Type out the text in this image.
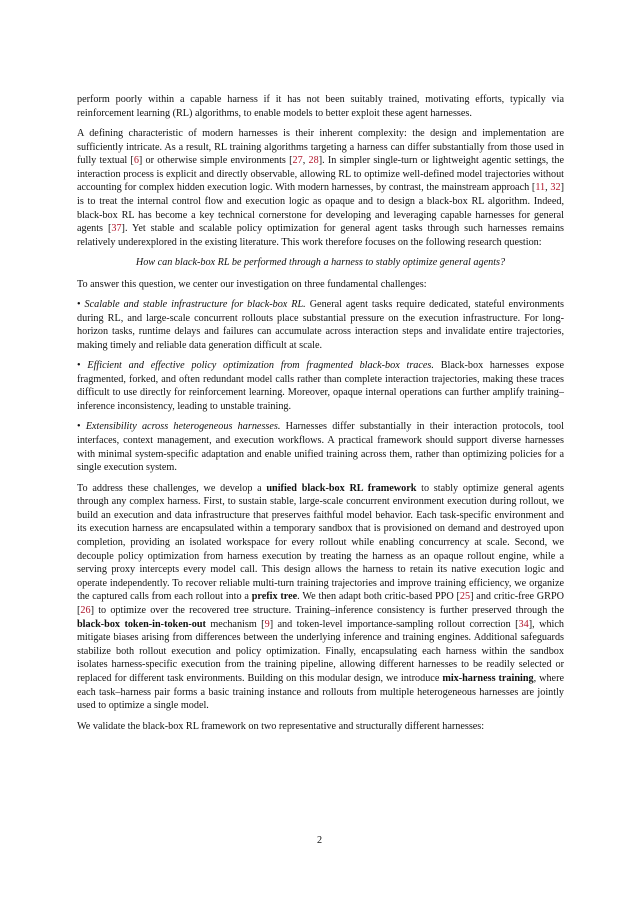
perform poorly within a capable harness if it has not been suitably trained, motivating efforts, typically via reinforcement learning (RL) algorithms, to enable models to better exploit these agent harnesses.

A defining characteristic of modern harnesses is their inherent complexity: the design and implementation are sufficiently intricate. As a result, RL training algorithms targeting a harness can differ substantially from those used in fully textual [6] or otherwise simple environments [27, 28]. In simpler single-turn or lightweight agentic settings, the interaction process is explicit and directly observable, allowing RL to optimize well-defined model trajectories without accounting for complex hidden execution logic. With modern harnesses, by contrast, the mainstream approach [11, 32] is to treat the internal control flow and execution logic as opaque and to design a black-box RL algorithm. Indeed, black-box RL has become a key technical cornerstone for developing and leveraging capable harnesses for general agents [37]. Yet stable and scalable policy optimization for general agent tasks through such harnesses remains relatively underexplored in the existing literature. This work therefore focuses on the following research question:

How can black-box RL be performed through a harness to stably optimize general agents?

To answer this question, we center our investigation on three fundamental challenges:

• Scalable and stable infrastructure for black-box RL. General agent tasks require dedicated, stateful environments during RL, and large-scale concurrent rollouts place substantial pressure on the execution infrastructure. For long-horizon tasks, runtime delays and failures can accumulate across interaction steps and invalidate entire trajectories, making timely and reliable data generation difficult at scale.

• Efficient and effective policy optimization from fragmented black-box traces. Black-box harnesses expose fragmented, forked, and often redundant model calls rather than complete interaction trajectories, making these traces difficult to use directly for reinforcement learning. Moreover, opaque internal operations can further amplify training–inference inconsistency, leading to unstable training.

• Extensibility across heterogeneous harnesses. Harnesses differ substantially in their interaction protocols, tool interfaces, context management, and execution workflows. A practical framework should support diverse harnesses with minimal system-specific adaptation and enable unified training across them, rather than optimizing policies for a single execution system.

To address these challenges, we develop a unified black-box RL framework to stably optimize general agents through any complex harness. First, to sustain stable, large-scale concurrent environment execution during rollout, we build an execution and data infrastructure that preserves faithful model behavior. Each task-specific environment and its execution harness are encapsulated within a temporary sandbox that is provisioned on demand and destroyed upon completion, providing an isolated workspace for every rollout while enabling concurrency at scale. Second, we decouple policy optimization from harness execution by treating the harness as an opaque rollout engine, while a serving proxy intercepts every model call. This design allows the harness to retain its native execution logic and operate independently. To recover reliable multi-turn training trajectories and improve training efficiency, we organize the captured calls from each rollout into a prefix tree. We then adapt both critic-based PPO [25] and critic-free GRPO [26] to optimize over the recovered tree structure. Training–inference consistency is further preserved through the black-box token-in-token-out mechanism [9] and token-level importance-sampling rollout correction [34], which mitigate biases arising from differences between the underlying inference and training engines. Additional safeguards stabilize both rollout execution and policy optimization. Finally, encapsulating each harness within the sandbox isolates harness-specific execution from the training pipeline, allowing different harnesses to be readily selected or replaced for different task environments. Building on this modular design, we introduce mix-harness training, where each task–harness pair forms a basic training instance and rollouts from multiple heterogeneous harnesses are jointly used to optimize a single model.

We validate the black-box RL framework on two representative and structurally different harnesses:

2
